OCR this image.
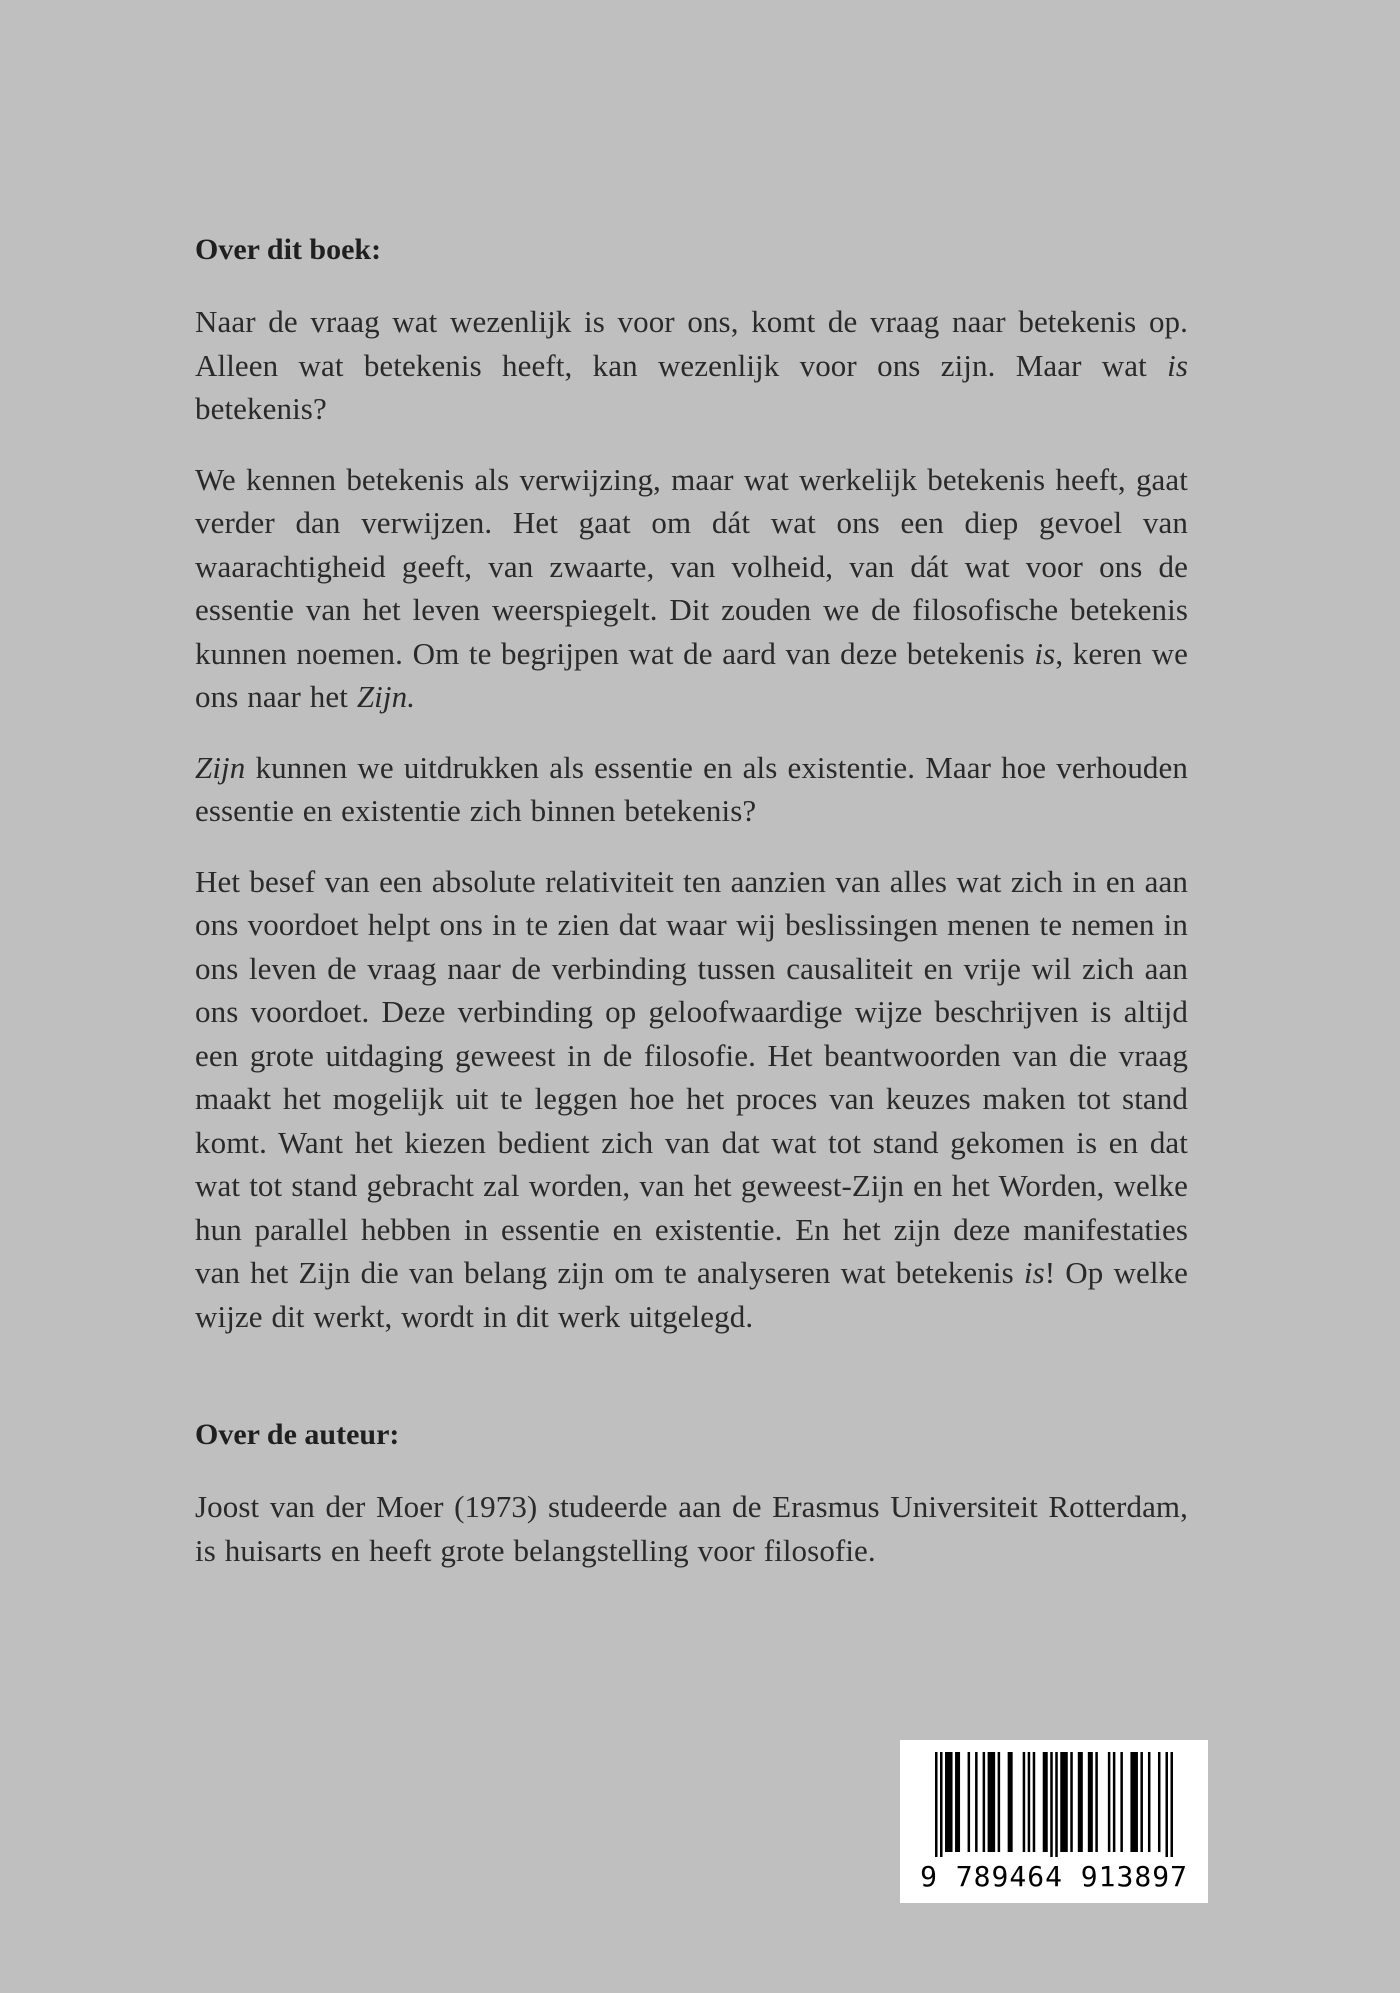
Over dit boek:

Naar de vraag wat wezenlijk is voor ons, komt de vraag naar betekenis op. Alleen wat betekenis heeft, kan wezenlijk voor ons zijn. Maar wat is betekenis?

We kennen betekenis als verwijzing, maar wat werkelijk betekenis heeft, gaat verder dan verwijzen. Het gaat om dát wat ons een diep gevoel van waarachtigheid geeft, van zwaarte, van volheid, van dát wat voor ons de essentie van het leven weerspiegelt. Dit zouden we de filosofische betekenis kunnen noemen. Om te begrijpen wat de aard van deze betekenis is, keren we ons naar het Zijn.

Zijn kunnen we uitdrukken als essentie en als existentie. Maar hoe verhouden essentie en existentie zich binnen betekenis?

Het besef van een absolute relativiteit ten aanzien van alles wat zich in en aan ons voordoet helpt ons in te zien dat waar wij beslissingen menen te nemen in ons leven de vraag naar de verbinding tussen causaliteit en vrije wil zich aan ons voordoet. Deze verbinding op geloofwaardige wijze beschrijven is altijd een grote uitdaging geweest in de filosofie. Het beantwoorden van die vraag maakt het mogelijk uit te leggen hoe het proces van keuzes maken tot stand komt. Want het kiezen bedient zich van dat wat tot stand gekomen is en dat wat tot stand gebracht zal worden, van het geweest-Zijn en het Worden, welke hun parallel hebben in essentie en existentie. En het zijn deze manifestaties van het Zijn die van belang zijn om te analyseren wat betekenis is! Op welke wijze dit werkt, wordt in dit werk uitgelegd.

Over de auteur:

Joost van der Moer (1973) studeerde aan de Erasmus Universiteit Rotterdam, is huisarts en heeft grote belangstelling voor filosofie.

9 789464 913897
